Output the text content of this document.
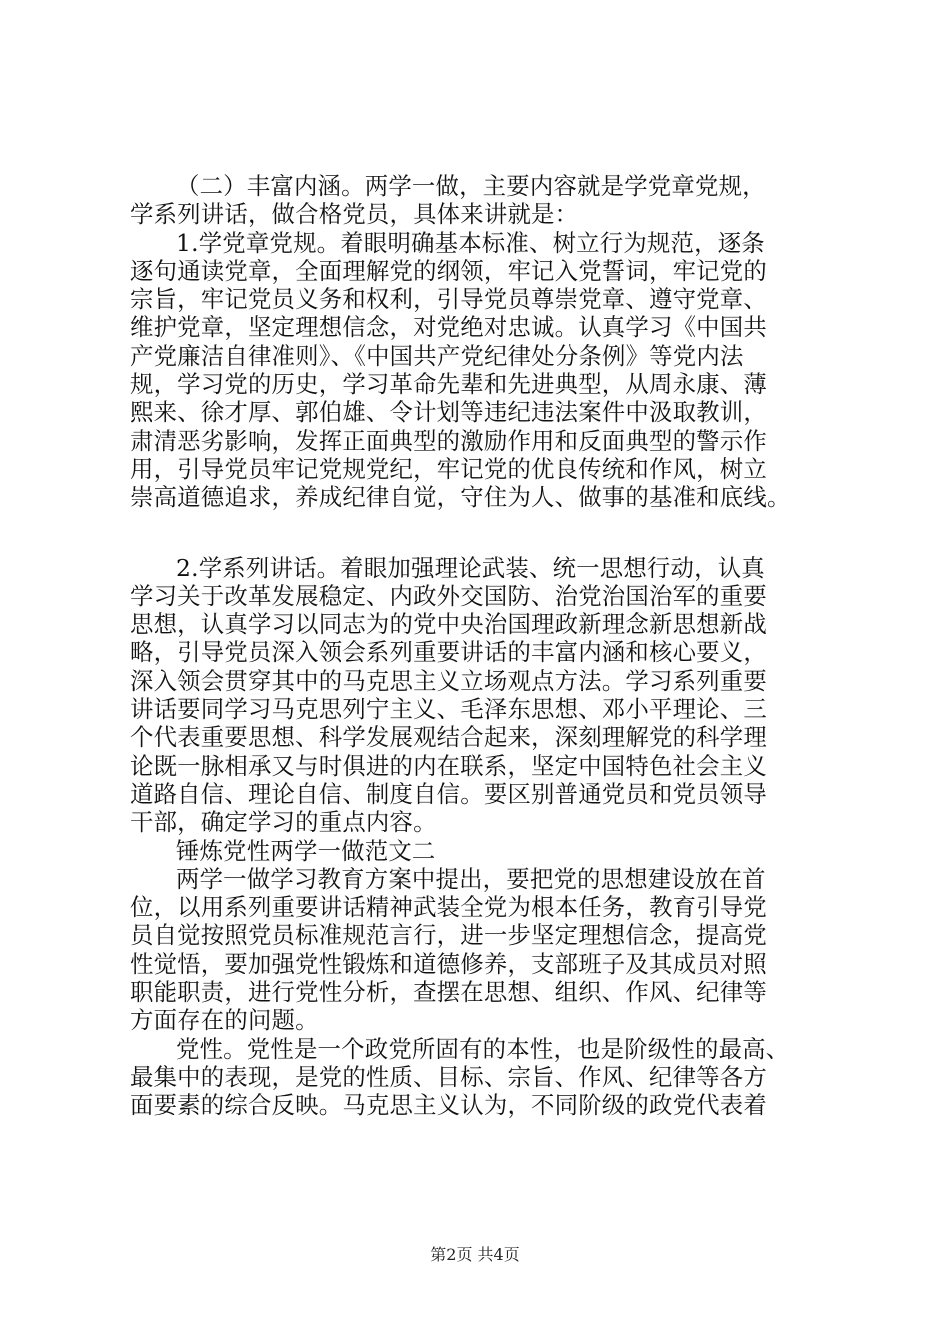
（二）丰富内涵。两学一做，主要内容就是学党章党规，
学系列讲话，做合格党员，具体来讲就是：
1.学党章党规。着眼明确基本标准、树立行为规范，逐条
逐句通读党章，全面理解党的纲领，牢记入党誓词，牢记党的
宗旨，牢记党员义务和权利，引导党员尊崇党章、遵守党章、
维护党章，坚定理想信念，对党绝对忠诚。认真学习《中国共
产党廉洁自律准则》、《中国共产党纪律处分条例》等党内法
规，学习党的历史，学习革命先辈和先进典型，从周永康、薄
熙来、徐才厚、郭伯雄、令计划等违纪违法案件中汲取教训，
肃清恶劣影响，发挥正面典型的激励作用和反面典型的警示作
用，引导党员牢记党规党纪，牢记党的优良传统和作风，树立
崇高道德追求，养成纪律自觉，守住为人、做事的基准和底线。
2.学系列讲话。着眼加强理论武装、统一思想行动，认真
学习关于改革发展稳定、内政外交国防、治党治国治军的重要
思想，认真学习以同志为的党中央治国理政新理念新思想新战
略，引导党员深入领会系列重要讲话的丰富内涵和核心要义，
深入领会贯穿其中的马克思主义立场观点方法。学习系列重要
讲话要同学习马克思列宁主义、毛泽东思想、邓小平理论、三
个代表重要思想、科学发展观结合起来，深刻理解党的科学理
论既一脉相承又与时俱进的内在联系，坚定中国特色社会主义
道路自信、理论自信、制度自信。要区别普通党员和党员领导
干部，确定学习的重点内容。
锤炼党性两学一做范文二
两学一做学习教育方案中提出，要把党的思想建设放在首
位，以用系列重要讲话精神武装全党为根本任务，教育引导党
员自觉按照党员标准规范言行，进一步坚定理想信念，提高党
性觉悟，要加强党性锻炼和道德修养，支部班子及其成员对照
职能职责，进行党性分析，查摆在思想、组织、作风、纪律等
方面存在的问题。
党性。党性是一个政党所固有的本性，也是阶级性的最高、
最集中的表现，是党的性质、目标、宗旨、作风、纪律等各方
面要素的综合反映。马克思主义认为，不同阶级的政党代表着
第2页 共4页
